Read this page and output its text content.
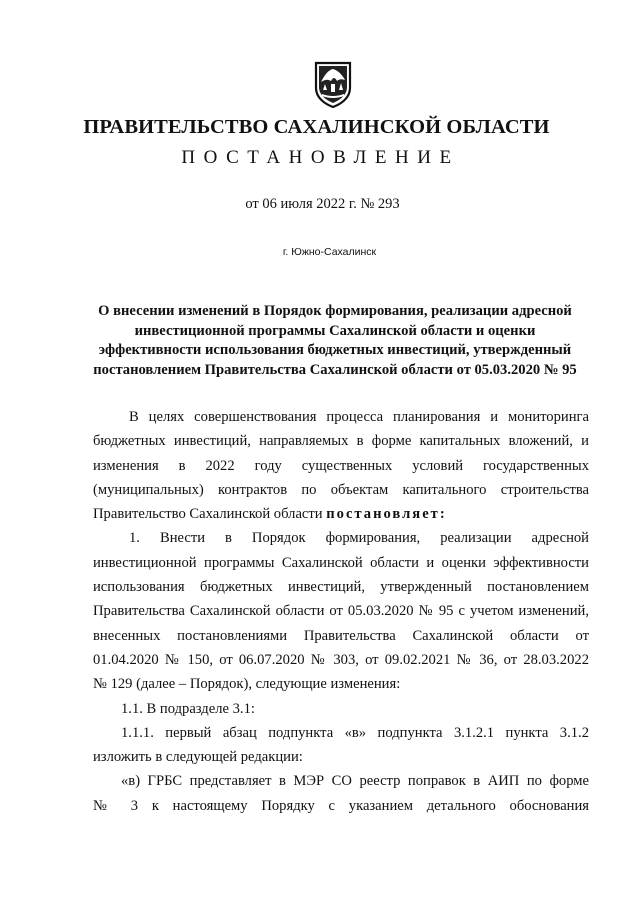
ПРАВИТЕЛЬСТВО САХАЛИНСКОЙ ОБЛАСТИ
ПОСТАНОВЛЕНИЕ
от 06 июля 2022 г. № 293
г. Южно-Сахалинск
О внесении изменений в Порядок формирования, реализации адресной
инвестиционной программы Сахалинской области и оценки
эффективности использования бюджетных инвестиций, утвержденный
постановлением Правительства Сахалинской области от 05.03.2020 № 95
В целях совершенствования процесса планирования и мониторинга
бюджетных инвестиций, направляемых в форме капитальных вложений, и
изменения в 2022 году существенных условий государственных
(муниципальных) контрактов по объектам капитального строительства
Правительство Сахалинской области постановляет:
1. Внести в Порядок формирования, реализации адресной
инвестиционной программы Сахалинской области и оценки эффективности
использования бюджетных инвестиций, утвержденный постановлением
Правительства Сахалинской области от 05.03.2020 № 95 с учетом изменений,
внесенных постановлениями Правительства Сахалинской области от
01.04.2020 № 150, от 06.07.2020 № 303, от 09.02.2021 № 36, от 28.03.2022
№ 129 (далее – Порядок), следующие изменения:
1.1. В подразделе 3.1:
1.1.1. первый абзац подпункта «в» подпункта 3.1.2.1 пункта 3.1.2
изложить в следующей редакции:
«в) ГРБС представляет в МЭР СО реестр поправок в АИП по форме
№ 3 к настоящему Порядку с указанием детального обоснования
